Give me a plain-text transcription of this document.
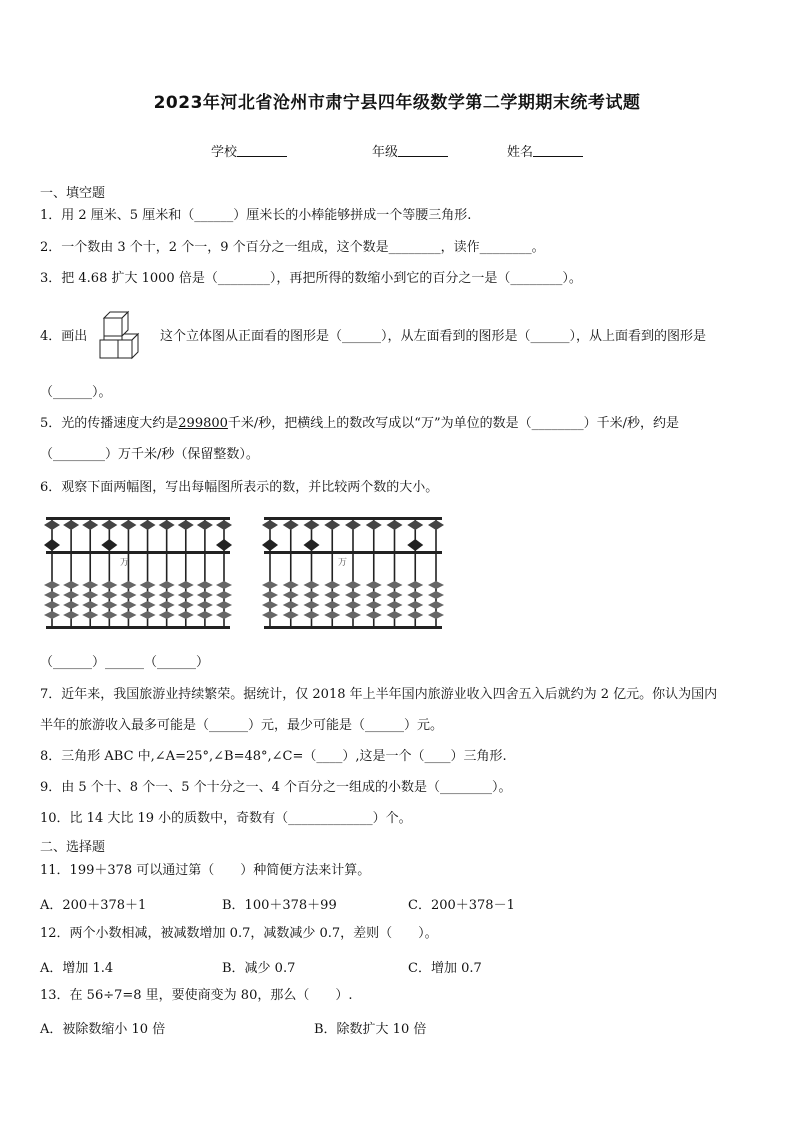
2023年河北省沧州市肃宁县四年级数学第二学期期末统考试题
学校	年级	姓名
一、填空题
1．用 2 厘米、5 厘米和（______）厘米长的小棒能够拼成一个等腰三角形.
2．一个数由 3 个十，2 个一，9 个百分之一组成，这个数是________，读作________。
3．把 4.68 扩大 1000 倍是（________），再把所得的数缩小到它的百分之一是（________）。
4．画出	这个立体图从正面看的图形是（______），从左面看到的图形是（______），从上面看到的图形是
（______）。
5．光的传播速度大约是299800千米/秒，把横线上的数改写成以“万”为单位的数是（________）千米/秒，约是
（________）万千米/秒（保留整数）。
6．观察下面两幅图，写出每幅图所表示的数，并比较两个数的大小。
万	万
（______）______（______）
7．近年来，我国旅游业持续繁荣。据统计，仅 2018 年上半年国内旅游业收入四舍五入后就约为 2 亿元。你认为国内
半年的旅游收入最多可能是（______）元，最少可能是（______）元。
8．三角形 ABC 中,∠A=25°,∠B=48°,∠C=（____）,这是一个（____）三角形.
9．由 5 个十、8 个一、5 个十分之一、4 个百分之一组成的小数是（________）。
10．比 14 大比 19 小的质数中，奇数有（_____________）个。
二、选择题
11．199＋378 可以通过第（　　）种简便方法来计算。
A．200＋378＋1	B．100＋378＋99	C．200＋378－1
12．两个小数相减，被减数增加 0.7，减数减少 0.7，差则（　　）。
A．增加 1.4	B．减少 0.7	C．增加 0.7
13．在 56÷7=8 里，要使商变为 80，那么（　　）.
A．被除数缩小 10 倍	B．除数扩大 10 倍
